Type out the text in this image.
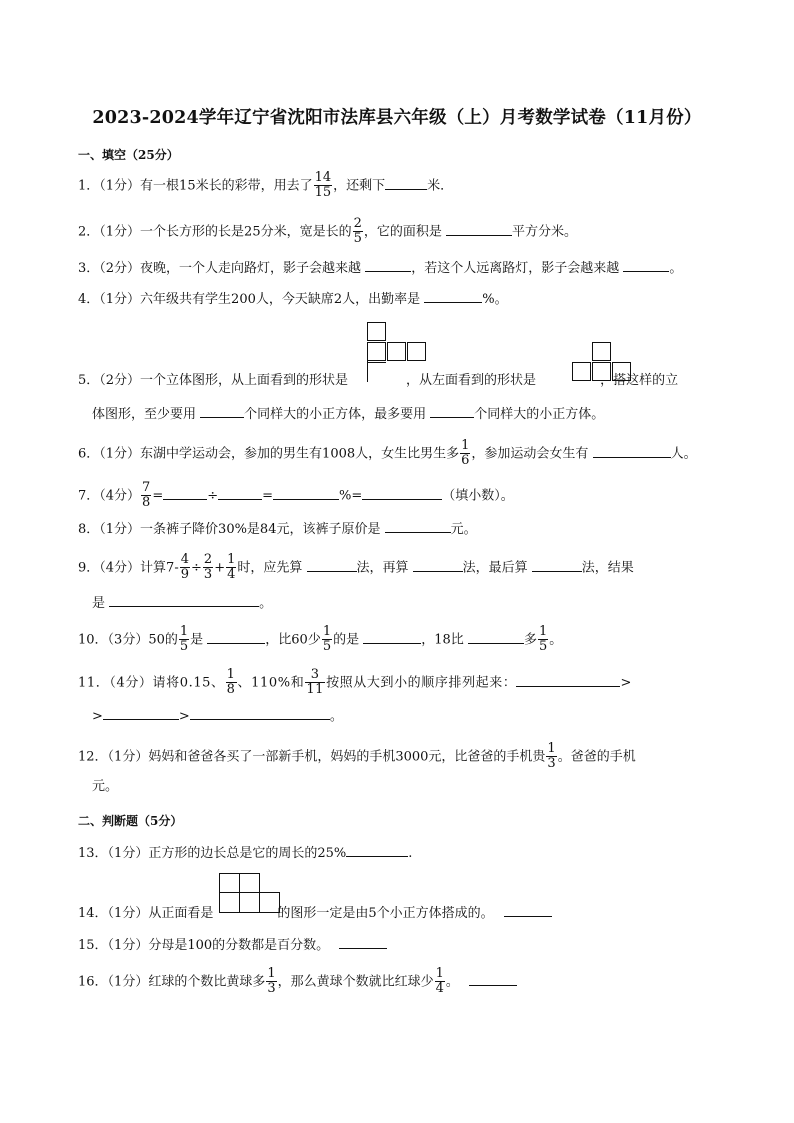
2023-2024学年辽宁省沈阳市法库县六年级（上）月考数学试卷（11月份）
一、填空（25分）
1．（1分）有一根15米长的彩带，用去了 $\frac{14}{15}$ ，还剩下	米．
2．（1分）一个长方形的长是25分米，宽是长的 $\frac{2}{5}$ ，它的面积是	平方分米。
3．（2分）夜晚，一个人走向路灯，影子会越来越	，若这个人远离路灯，影子会越来越	。
4．（1分）六年级共有学生200人，今天缺席2人，出勤率是	%。
5．（2分）一个立体图形，从上面看到的形状是	，从左面看到的形状是	，搭这样的立
体图形，至少要用	个同样大的小正方体，最多要用	个同样大的小正方体。
6．（1分）东湖中学运动会，参加的男生有1008人，女生比男生多 $\frac{1}{6}$ ，参加运动会女生有	人。
7．（4分） $\frac{7}{8}$ =	÷	=	%=	（填小数）。
8．（1分）一条裤子降价30%是84元，该裤子原价是	元。
9．（4分）计算$7- \frac{4}{9} \div \frac{2}{3} + \frac{1}{4}$ 时，应先算	法，再算	法，最后算	法，结果
是	。
10．（3分）50的 $\frac{1}{5}$ 是	，比60少 $\frac{1}{5}$ 的是	，18比	多 $\frac{1}{5}$ 。
11．（4分）请将0.15、 $\frac{1}{8}$ 、110%和 $\frac{3}{11}$ 按照从大到小的顺序排列起来：	>
>	>	。
12．（1分）妈妈和爸爸各买了一部新手机，妈妈的手机3000元，比爸爸的手机贵 $\frac{1}{3}$ 。爸爸的手机
元。
二、判断题（5分）
13．（1分）正方形的边长总是它的周长的25%	.
14．（1分）从正面看是	的图形一定是由5个小正方体搭成的。
15．（1分）分母是100的分数都是百分数。
16．（1分）红球的个数比黄球多 $\frac{1}{3}$ ，那么黄球个数就比红球少 $\frac{1}{4}$ 。
